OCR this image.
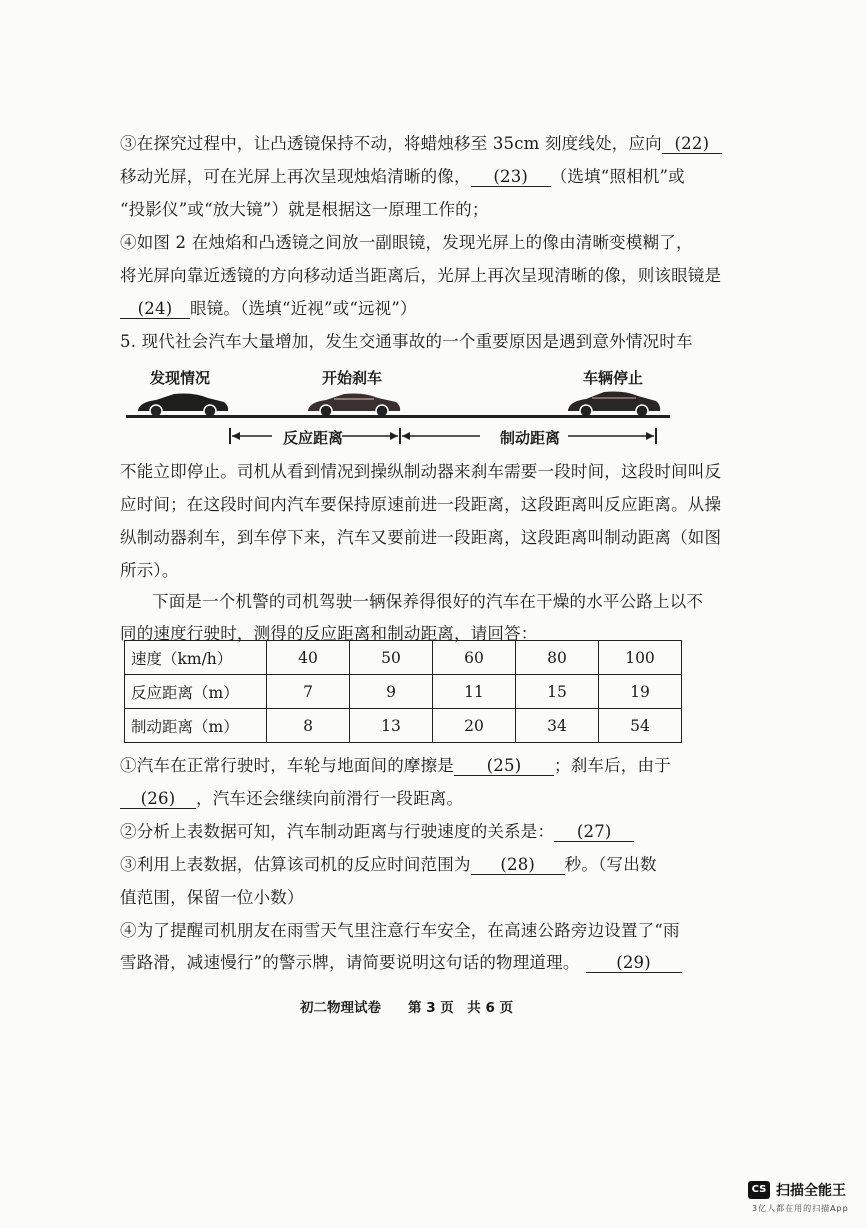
③在探究过程中，让凸透镜保持不动，将蜡烛移至 35cm 刻度线处，应向 (22)
移动光屏，可在光屏上再次呈现烛焰清晰的像， (23) （选填“照相机”或
“投影仪”或“放大镜”）就是根据这一原理工作的；
④如图 2 在烛焰和凸透镜之间放一副眼镜，发现光屏上的像由清晰变模糊了，
将光屏向靠近透镜的方向移动适当距离后，光屏上再次呈现清晰的像，则该眼镜是
(24) 眼镜。（选填“近视”或“远视”）
5. 现代社会汽车大量增加，发生交通事故的一个重要原因是遇到意外情况时车
发现情况	开始刹车	车辆停止
反应距离	制动距离
不能立即停止。司机从看到情况到操纵制动器来刹车需要一段时间，这段时间叫反
应时间；在这段时间内汽车要保持原速前进一段距离，这段距离叫反应距离。从操
纵制动器刹车，到车停下来，汽车又要前进一段距离，这段距离叫制动距离（如图
所示）。
下面是一个机警的司机驾驶一辆保养得很好的汽车在干燥的水平公路上以不
同的速度行驶时，测得的反应距离和制动距离，请回答：
速度（km/h）	40	50	60	80	100
反应距离（m）	7	9	11	15	19
制动距离（m）	8	13	20	34	54
①汽车在正常行驶时，车轮与地面间的摩擦是 (25) ；刹车后，由于
(26) ，汽车还会继续向前滑行一段距离。
②分析上表数据可知，汽车制动距离与行驶速度的关系是： (27)
③利用上表数据，估算该司机的反应时间范围为 (28) 秒。（写出数
值范围，保留一位小数）
④为了提醒司机朋友在雨雪天气里注意行车安全，在高速公路旁边设置了“雨
雪路滑，减速慢行”的警示牌，请简要说明这句话的物理道理。 (29)
初二物理试卷　　第 3 页　共 6 页
CS 扫描全能王
3亿人都在用的扫描App
